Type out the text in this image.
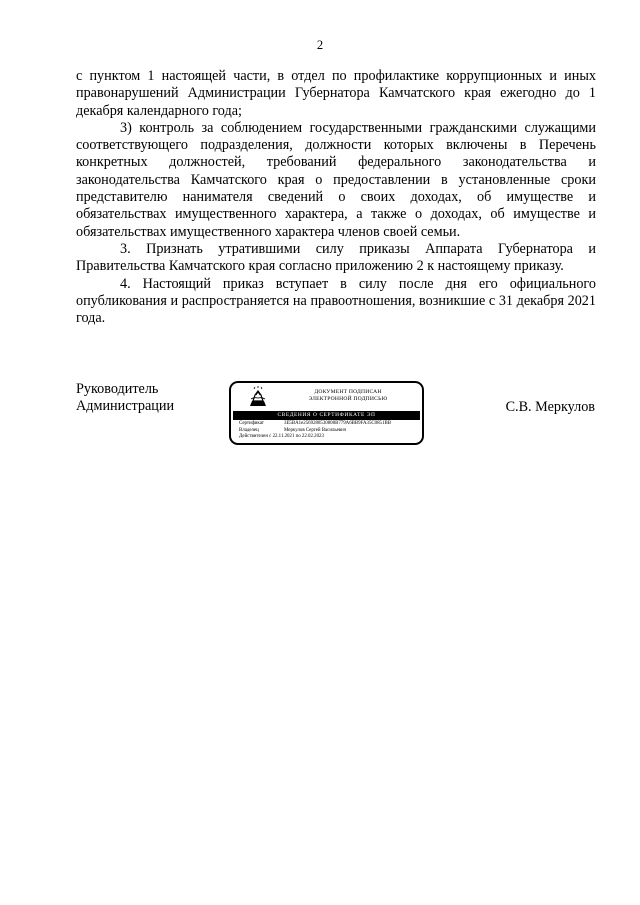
2

с пунктом 1 настоящей части, в отдел по профилактике коррупционных и иных правонарушений Администрации Губернатора Камчатского края ежегодно до 1 декабря календарного года;

3) контроль за соблюдением государственными гражданскими служащими соответствующего подразделения, должности которых включены в Перечень конкретных должностей, требований федерального законодательства и законодательства Камчатского края о предоставлении в установленные сроки представителю нанимателя сведений о своих доходах, об имуществе и обязательствах имущественного характера, а также о доходах, об имуществе и обязательствах имущественного характера членов своей семьи.

3. Признать утратившими силу приказы Аппарата Губернатора и Правительства Камчатского края согласно приложению 2 к настоящему приказу.

4. Настоящий приказ вступает в силу после дня его официального опубликования и распространяется на правоотношения, возникшие с 31 декабря 2021 года.

Руководитель
Администрации
ДОКУМЕНТ ПОДПИСАН
ЭЛЕКТРОННОЙ ПОДПИСЬЮ
СВЕДЕНИЯ О СЕРТИФИКАТЕ ЭП
Сертификат	3E5BA1e2569288530808B779A6BB9FA35C0851BB
Владелец	Меркулов Сергей Васильевич
Действителен с 22.11.2021 по 22.02.2023
С.В. Меркулов
